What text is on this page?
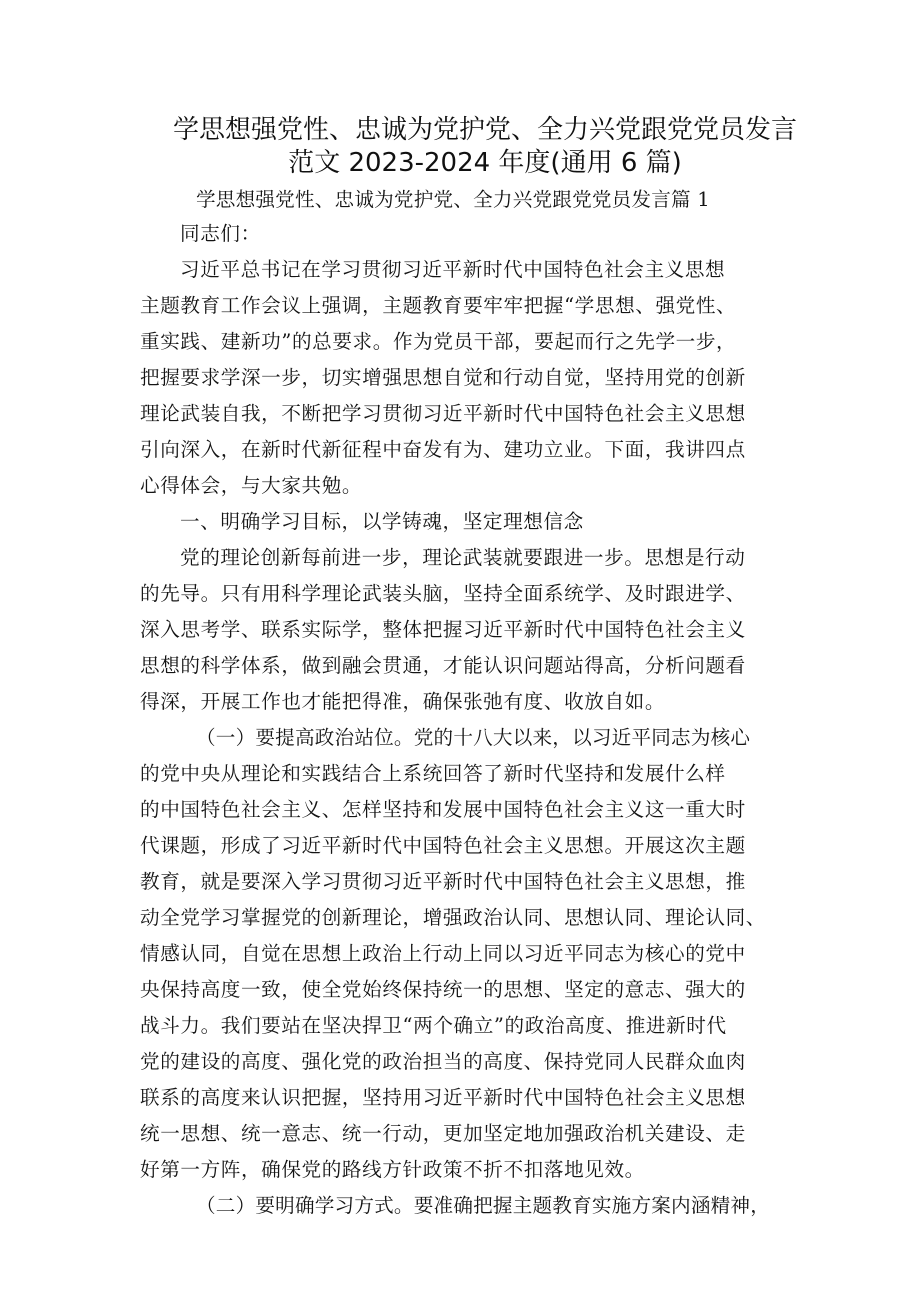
学思想强党性、忠诚为党护党、全力兴党跟党党员发言
范文 2023-2024 年度(通用 6 篇)

学思想强党性、忠诚为党护党、全力兴党跟党党员发言篇 1

同志们：

习近平总书记在学习贯彻习近平新时代中国特色社会主义思想

主题教育工作会议上强调，主题教育要牢牢把握“学思想、强党性、

重实践、建新功”的总要求。作为党员干部，要起而行之先学一步，

把握要求学深一步，切实增强思想自觉和行动自觉，坚持用党的创新

理论武装自我，不断把学习贯彻习近平新时代中国特色社会主义思想

引向深入，在新时代新征程中奋发有为、建功立业。下面，我讲四点

心得体会，与大家共勉。

一、明确学习目标，以学铸魂，坚定理想信念

党的理论创新每前进一步，理论武装就要跟进一步。思想是行动

的先导。只有用科学理论武装头脑，坚持全面系统学、及时跟进学、

深入思考学、联系实际学，整体把握习近平新时代中国特色社会主义

思想的科学体系，做到融会贯通，才能认识问题站得高，分析问题看

得深，开展工作也才能把得准，确保张弛有度、收放自如。

（一）要提高政治站位。党的十八大以来，以习近平同志为核心

的党中央从理论和实践结合上系统回答了新时代坚持和发展什么样

的中国特色社会主义、怎样坚持和发展中国特色社会主义这一重大时

代课题，形成了习近平新时代中国特色社会主义思想。开展这次主题

教育，就是要深入学习贯彻习近平新时代中国特色社会主义思想，推

动全党学习掌握党的创新理论，增强政治认同、思想认同、理论认同、

情感认同，自觉在思想上政治上行动上同以习近平同志为核心的党中

央保持高度一致，使全党始终保持统一的思想、坚定的意志、强大的

战斗力。我们要站在坚决捍卫“两个确立”的政治高度、推进新时代

党的建设的高度、强化党的政治担当的高度、保持党同人民群众血肉

联系的高度来认识把握，坚持用习近平新时代中国特色社会主义思想

统一思想、统一意志、统一行动，更加坚定地加强政治机关建设、走

好第一方阵，确保党的路线方针政策不折不扣落地见效。

（二）要明确学习方式。要准确把握主题教育实施方案内涵精神，
